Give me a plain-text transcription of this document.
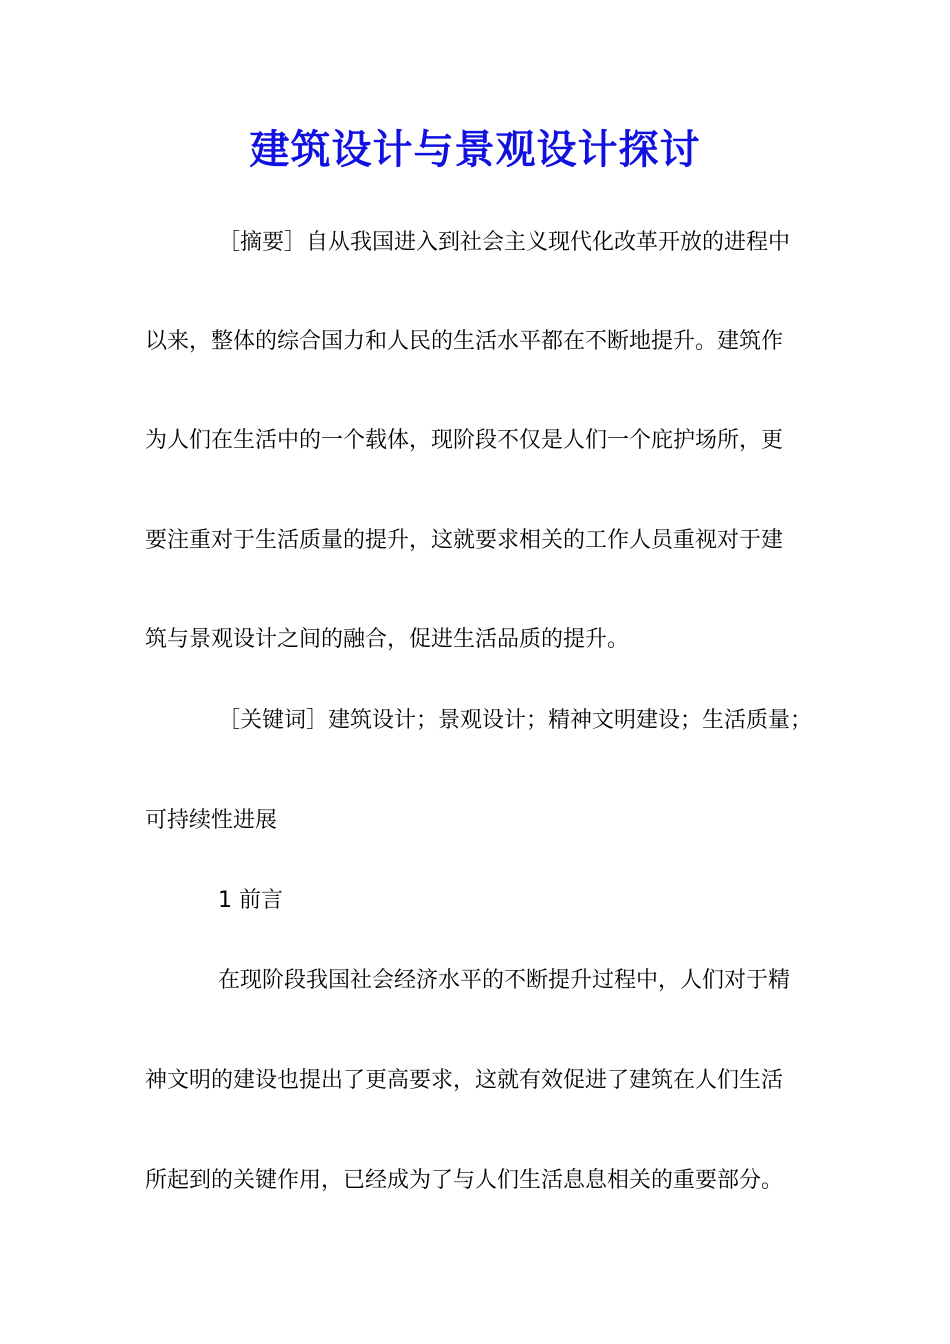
建筑设计与景观设计探讨
［摘要］自从我国进入到社会主义现代化改革开放的进程中
以来，整体的综合国力和人民的生活水平都在不断地提升。建筑作
为人们在生活中的一个载体，现阶段不仅是人们一个庇护场所，更
要注重对于生活质量的提升，这就要求相关的工作人员重视对于建
筑与景观设计之间的融合，促进生活品质的提升。
［关键词］建筑设计；景观设计；精神文明建设；生活质量；
可持续性进展
1 前言
在现阶段我国社会经济水平的不断提升过程中，人们对于精
神文明的建设也提出了更高要求，这就有效促进了建筑在人们生活
所起到的关键作用，已经成为了与人们生活息息相关的重要部分。
